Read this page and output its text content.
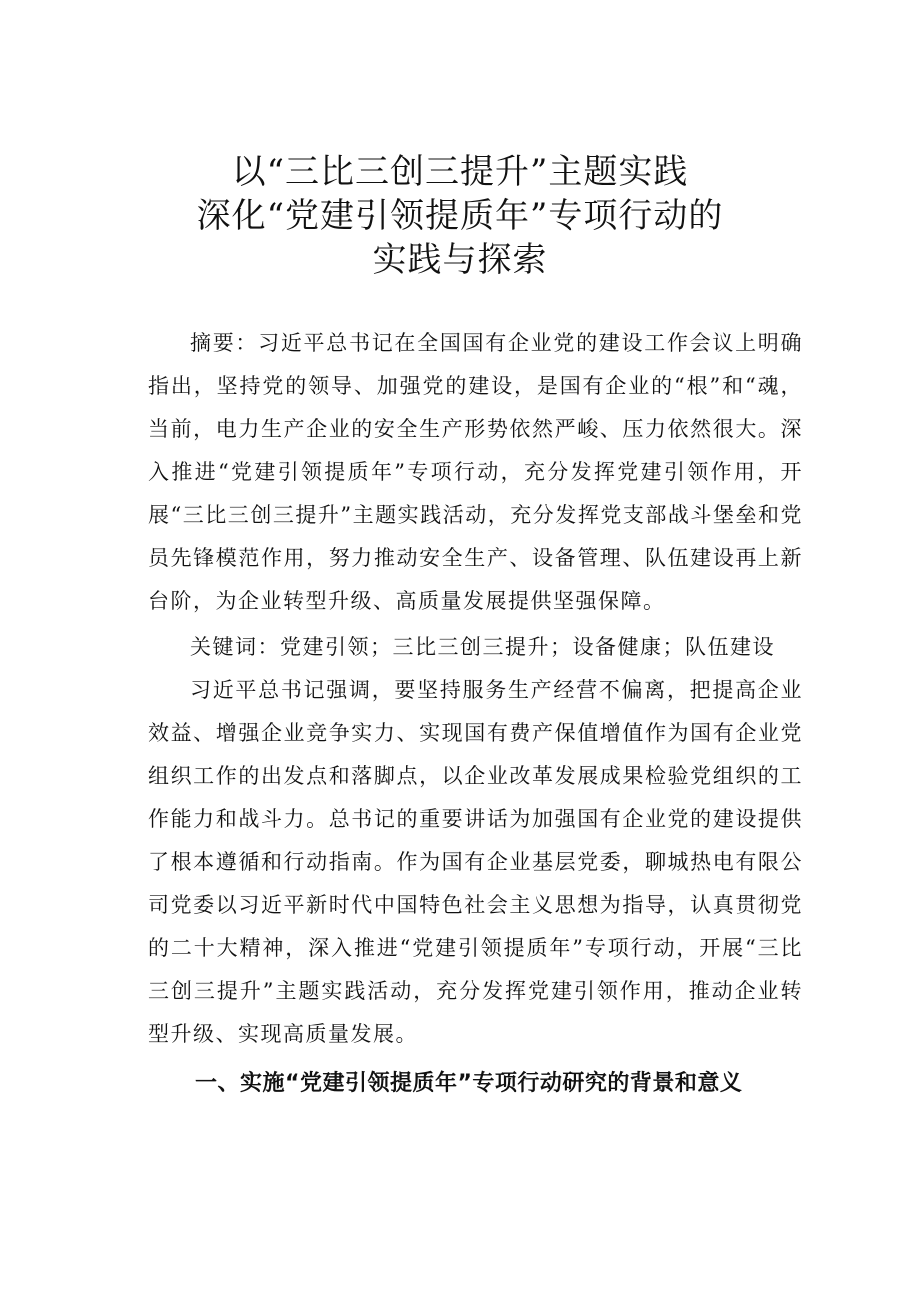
以“三比三创三提升”主题实践
深化“党建引领提质年”专项行动的
实践与探索

摘要：习近平总书记在全国国有企业党的建设工作会议上明确指出，坚持党的领导、加强党的建设，是国有企业的“根”和“魂，当前，电力生产企业的安全生产形势依然严峻、压力依然很大。深入推进“党建引领提质年”专项行动，充分发挥党建引领作用，开展“三比三创三提升”主题实践活动，充分发挥党支部战斗堡垒和党员先锋模范作用，努力推动安全生产、设备管理、队伍建设再上新台阶，为企业转型升级、高质量发展提供坚强保障。

关键词：党建引领；三比三创三提升；设备健康；队伍建设

习近平总书记强调，要坚持服务生产经营不偏离，把提高企业效益、增强企业竞争实力、实现国有费产保值增值作为国有企业党组织工作的出发点和落脚点，以企业改革发展成果检验党组织的工作能力和战斗力。总书记的重要讲话为加强国有企业党的建设提供了根本遵循和行动指南。作为国有企业基层党委，聊城热电有限公司党委以习近平新时代中国特色社会主义思想为指导，认真贯彻党的二十大精神，深入推进“党建引领提质年”专项行动，开展“三比三创三提升”主题实践活动，充分发挥党建引领作用，推动企业转型升级、实现高质量发展。

一、实施“党建引领提质年”专项行动研究的背景和意义
